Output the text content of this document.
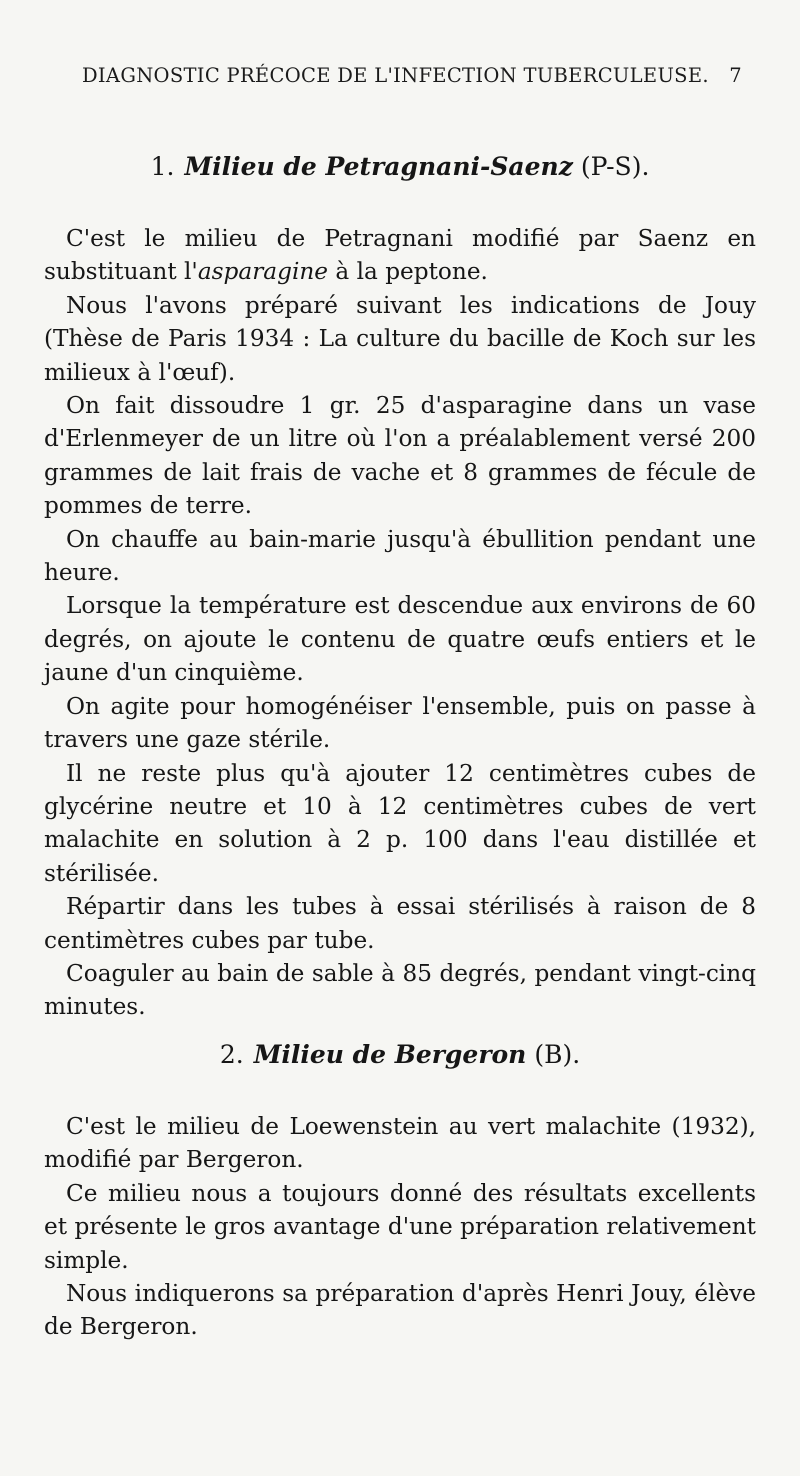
DIAGNOSTIC PRÉCOCE DE L'INFECTION TUBERCULEUSE. 7
1. Milieu de Petragnani-Saenz (P-S).

C'est le milieu de Petragnani modifié par Saenz en substituant l'asparagine à la peptone.

Nous l'avons préparé suivant les indications de Jouy (Thèse de Paris 1934 : La culture du bacille de Koch sur les milieux à l'œuf).

On fait dissoudre 1 gr. 25 d'asparagine dans un vase d'Erlenmeyer de un litre où l'on a préalablement versé 200 grammes de lait frais de vache et 8 grammes de fécule de pommes de terre.

On chauffe au bain-marie jusqu'à ébullition pendant une heure.

Lorsque la température est descendue aux environs de 60 degrés, on ajoute le contenu de quatre œufs entiers et le jaune d'un cinquième.

On agite pour homogénéiser l'ensemble, puis on passe à travers une gaze stérile.

Il ne reste plus qu'à ajouter 12 centimètres cubes de glycérine neutre et 10 à 12 centimètres cubes de vert malachite en solution à 2 p. 100 dans l'eau distillée et stérilisée.

Répartir dans les tubes à essai stérilisés à raison de 8 centimètres cubes par tube.

Coaguler au bain de sable à 85 degrés, pendant vingt-cinq minutes.

2. Milieu de Bergeron (B).

C'est le milieu de Loewenstein au vert malachite (1932), modifié par Bergeron.

Ce milieu nous a toujours donné des résultats excellents et présente le gros avantage d'une préparation relativement simple.

Nous indiquerons sa préparation d'après Henri Jouy, élève de Bergeron.
